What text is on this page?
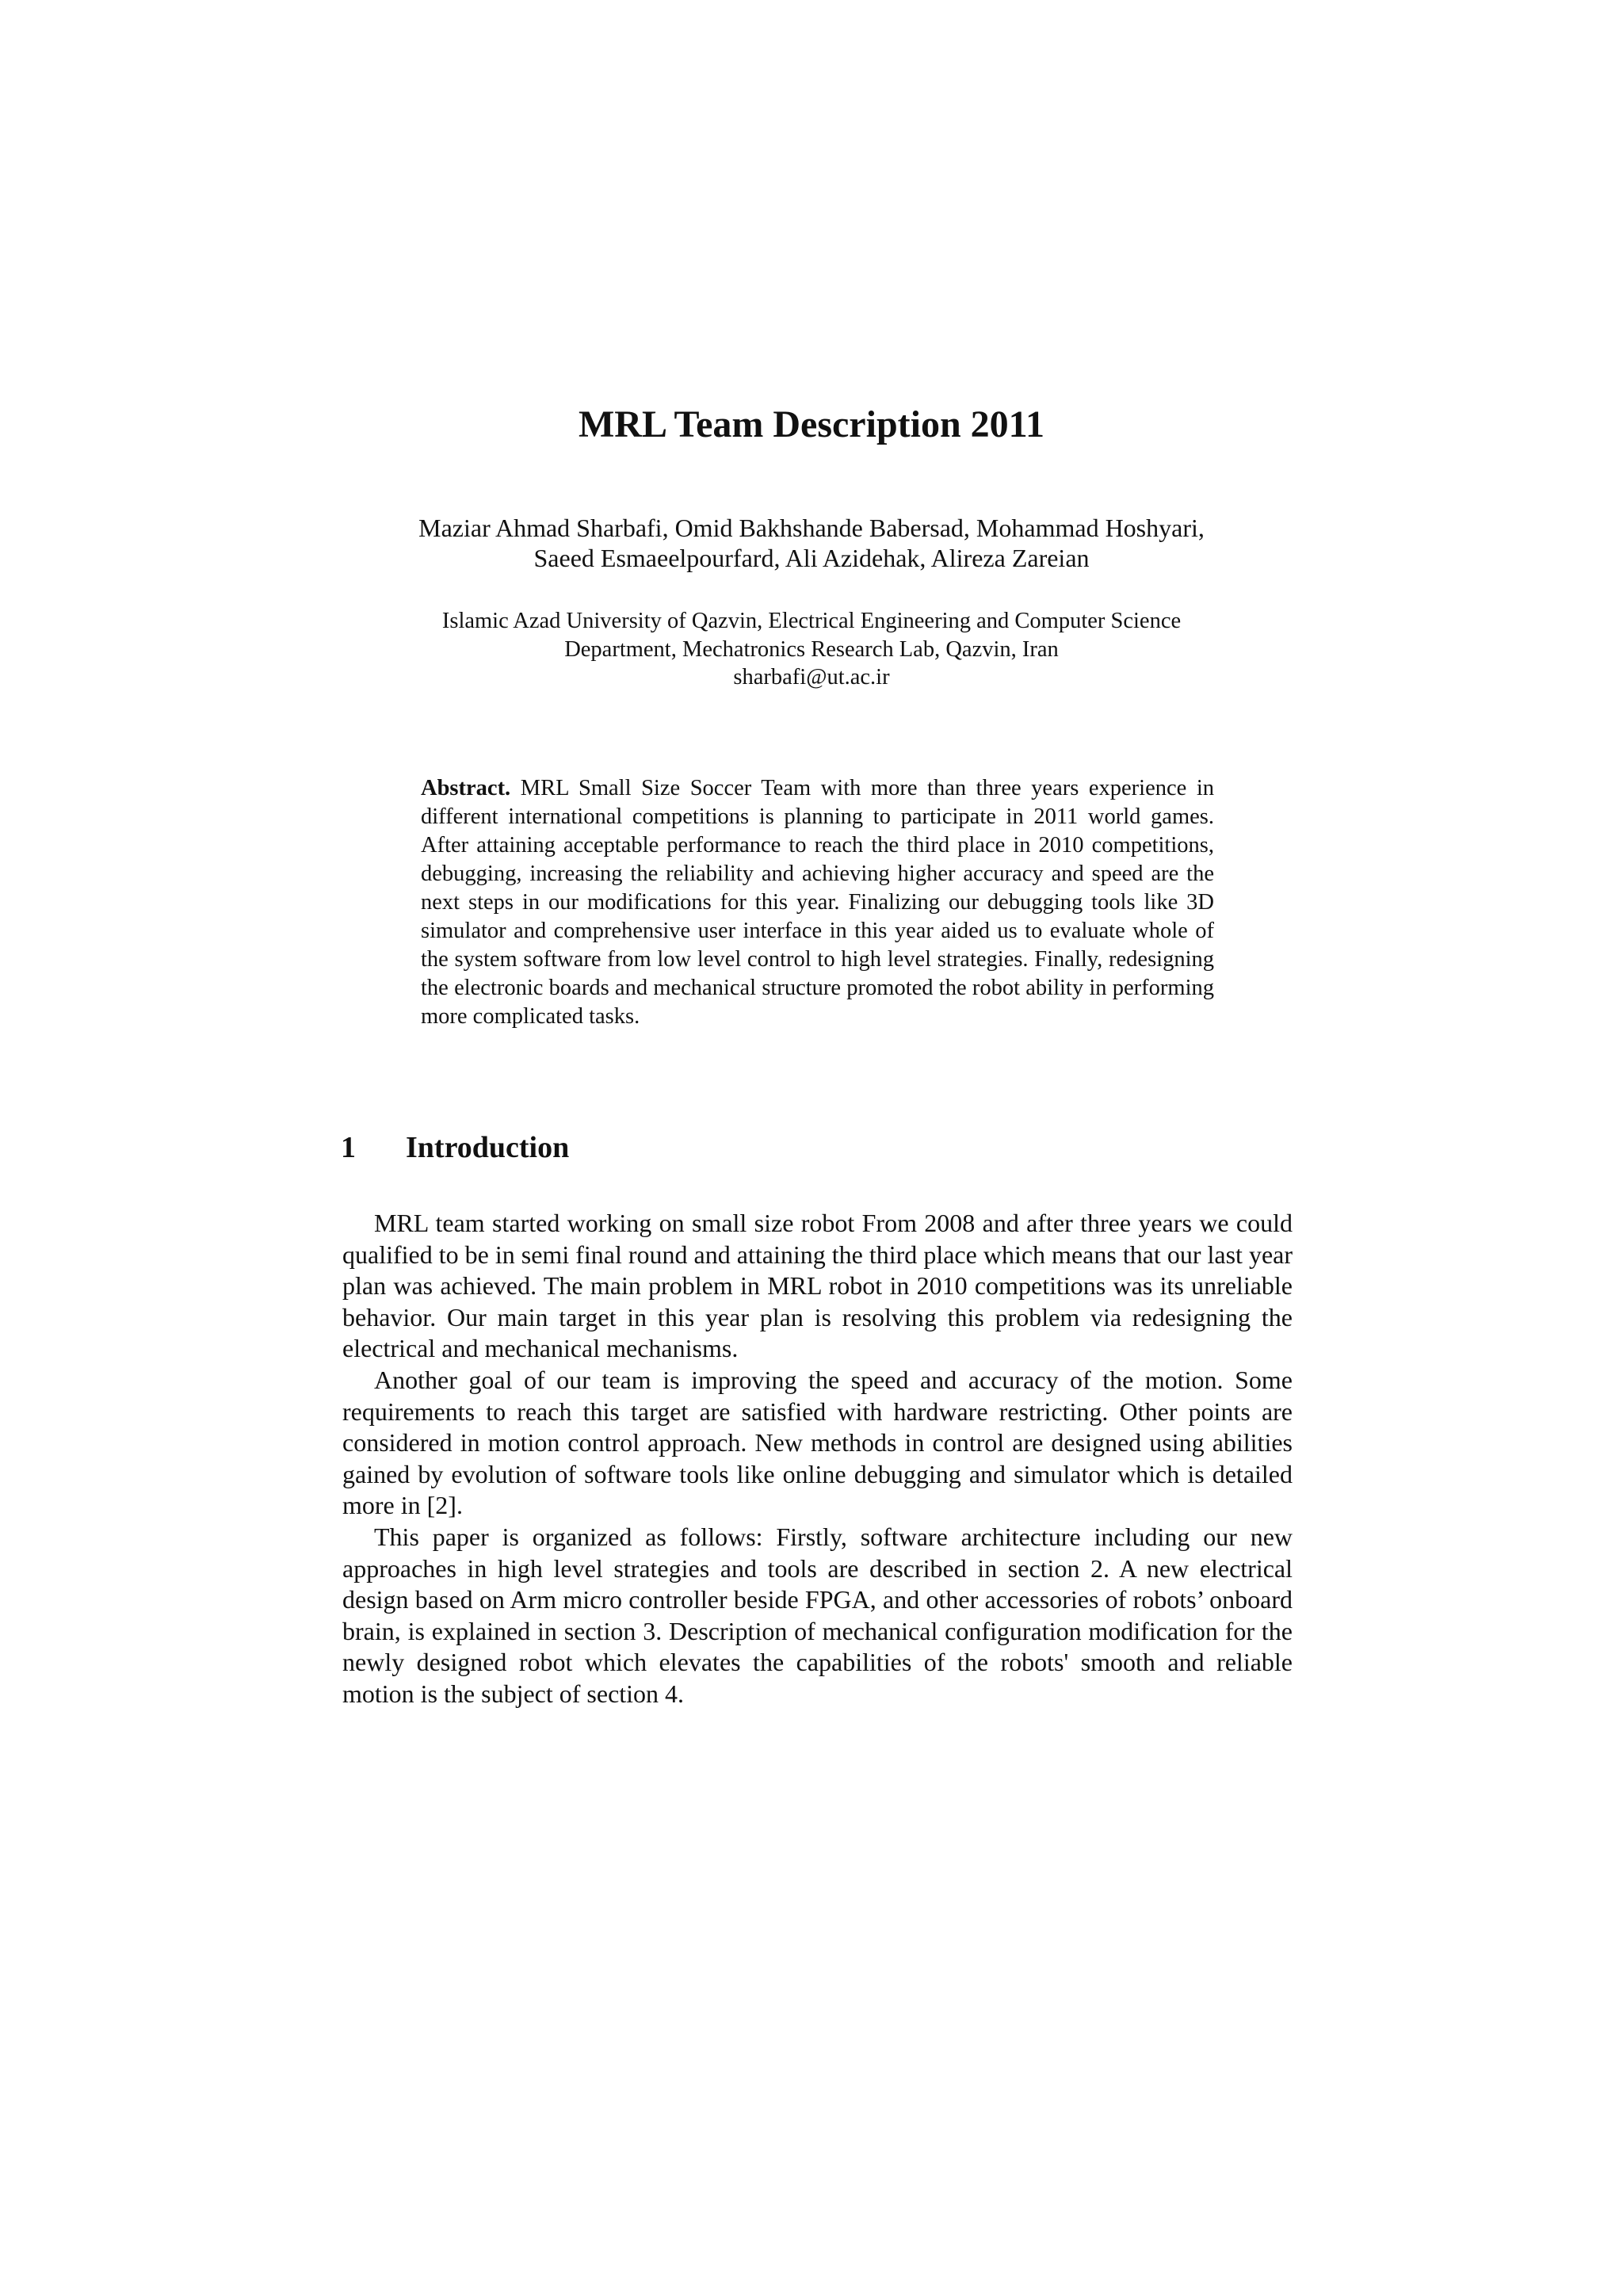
MRL Team Description 2011
Maziar Ahmad Sharbafi, Omid Bakhshande Babersad, Mohammad Hoshyari,
Saeed Esmaeelpourfard, Ali Azidehak, Alireza Zareian
Islamic Azad University of Qazvin, Electrical Engineering and Computer Science
Department, Mechatronics Research Lab, Qazvin, Iran
sharbafi@ut.ac.ir
Abstract. MRL Small Size Soccer Team with more than three years experience in different international competitions is planning to participate in 2011 world games. After attaining acceptable performance to reach the third place in 2010 competitions, debugging, increasing the reliability and achieving higher accuracy and speed are the next steps in our modifications for this year. Finalizing our debugging tools like 3D simulator and comprehensive user interface in this year aided us to evaluate whole of the system software from low level control to high level strategies. Finally, redesigning the electronic boards and mechanical structure promoted the robot ability in performing more complicated tasks.
1 Introduction

MRL team started working on small size robot From 2008 and after three years we could qualified to be in semi final round and attaining the third place which means that our last year plan was achieved. The main problem in MRL robot in 2010 competitions was its unreliable behavior. Our main target in this year plan is resolving this problem via redesigning the electrical and mechanical mechanisms.

Another goal of our team is improving the speed and accuracy of the motion. Some requirements to reach this target are satisfied with hardware restricting. Other points are considered in motion control approach. New methods in control are designed using abilities gained by evolution of software tools like online debugging and simulator which is detailed more in [2].

This paper is organized as follows: Firstly, software architecture including our new approaches in high level strategies and tools are described in section 2. A new electrical design based on Arm micro controller beside FPGA, and other accessories of robots’ onboard brain, is explained in section 3. Description of mechanical configuration modification for the newly designed robot which elevates the capabilities of the robots' smooth and reliable motion is the subject of section 4.
